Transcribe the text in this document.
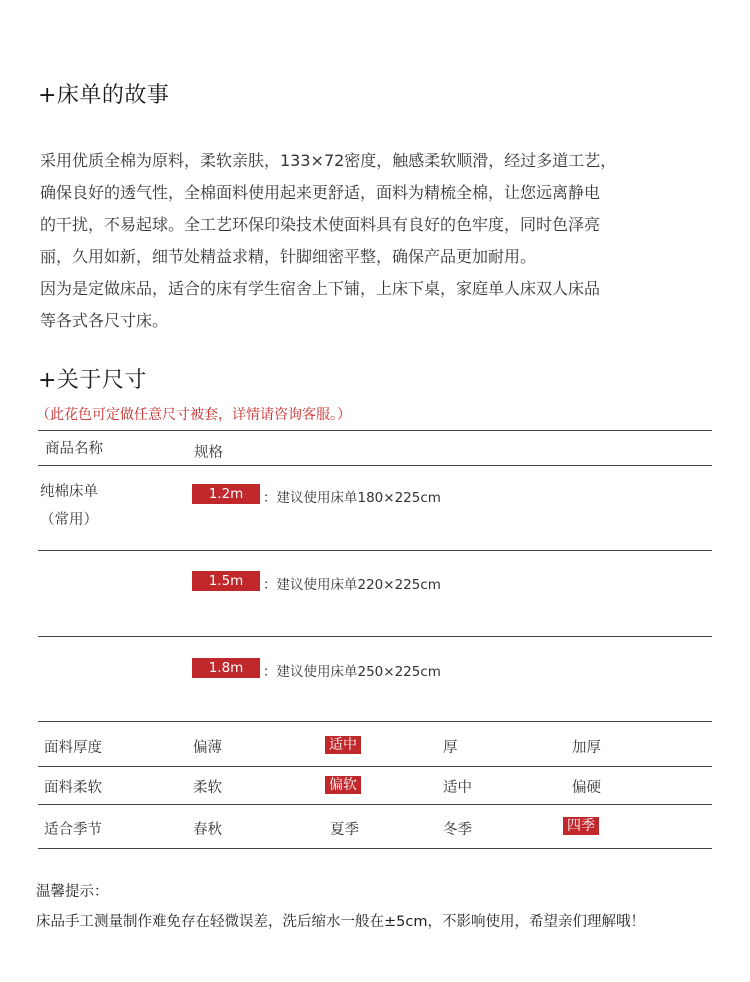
+床单的故事
采用优质全棉为原料，柔软亲肤，133×72密度，触感柔软顺滑，经过多道工艺，
确保良好的透气性，全棉面料使用起来更舒适，面料为精梳全棉，让您远离静电
的干扰，不易起球。全工艺环保印染技术使面料具有良好的色牢度，同时色泽亮
丽，久用如新，细节处精益求精，针脚细密平整，确保产品更加耐用。
因为是定做床品，适合的床有学生宿舍上下铺，上床下桌，家庭单人床双人床品
等各式各尺寸床。
+关于尺寸
（此花色可定做任意尺寸被套，详情请咨询客服。）
商品名称	规格
纯棉床单
（常用）
1.2m	：建议使用床单180×225cm
1.5m	：建议使用床单220×225cm
1.8m	：建议使用床单250×225cm
面料厚度	偏薄	适中	厚	加厚
面料柔软	柔软	偏软	适中	偏硬
适合季节	春秋	夏季	冬季	四季
温馨提示：
床品手工测量制作难免存在轻微误差，洗后缩水一般在±5cm，不影响使用，希望亲们理解哦！
